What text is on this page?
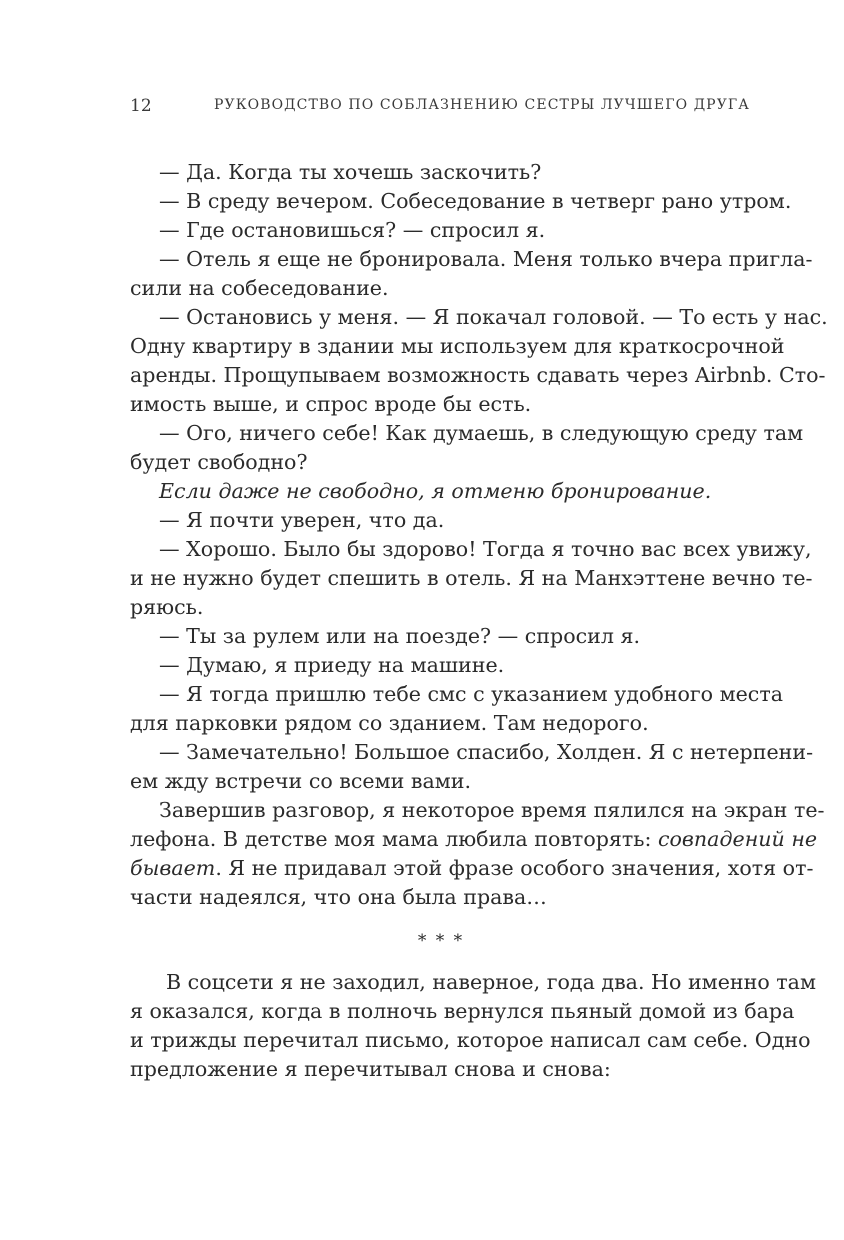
12	РУКОВОДСТВО ПО СОБЛАЗНЕНИЮ СЕСТРЫ ЛУЧШЕГО ДРУГА
— Да. Когда ты хочешь заскочить?
— В среду вечером. Собеседование в четверг рано утром.
— Где остановишься? — спросил я.
— Отель я еще не бронировала. Меня только вчера пригла-
сили на собеседование.
— Остановись у меня. — Я покачал головой. — То есть у нас.
Одну квартиру в здании мы используем для краткосрочной
аренды. Прощупываем возможность сдавать через Airbnb. Сто-
имость выше, и спрос вроде бы есть.
— Ого, ничего себе! Как думаешь, в следующую среду там
будет свободно?
Если даже не свободно, я отменю бронирование.
— Я почти уверен, что да.
— Хорошо. Было бы здорово! Тогда я точно вас всех увижу,
и не нужно будет спешить в отель. Я на Манхэттене вечно те-
ряюсь.
— Ты за рулем или на поезде? — спросил я.
— Думаю, я приеду на машине.
— Я тогда пришлю тебе смс с указанием удобного места
для парковки рядом со зданием. Там недорого.
— Замечательно! Большое спасибо, Холден. Я с нетерпени-
ем жду встречи со всеми вами.
Завершив разговор, я некоторое время пялился на экран те-
лефона. В детстве моя мама любила повторять: совпадений не
бывает. Я не придавал этой фразе особого значения, хотя от-
части надеялся, что она была права…
* * *
В соцсети я не заходил, наверное, года два. Но именно там
я оказался, когда в полночь вернулся пьяный домой из бара
и трижды перечитал письмо, которое написал сам себе. Одно
предложение я перечитывал снова и снова:
